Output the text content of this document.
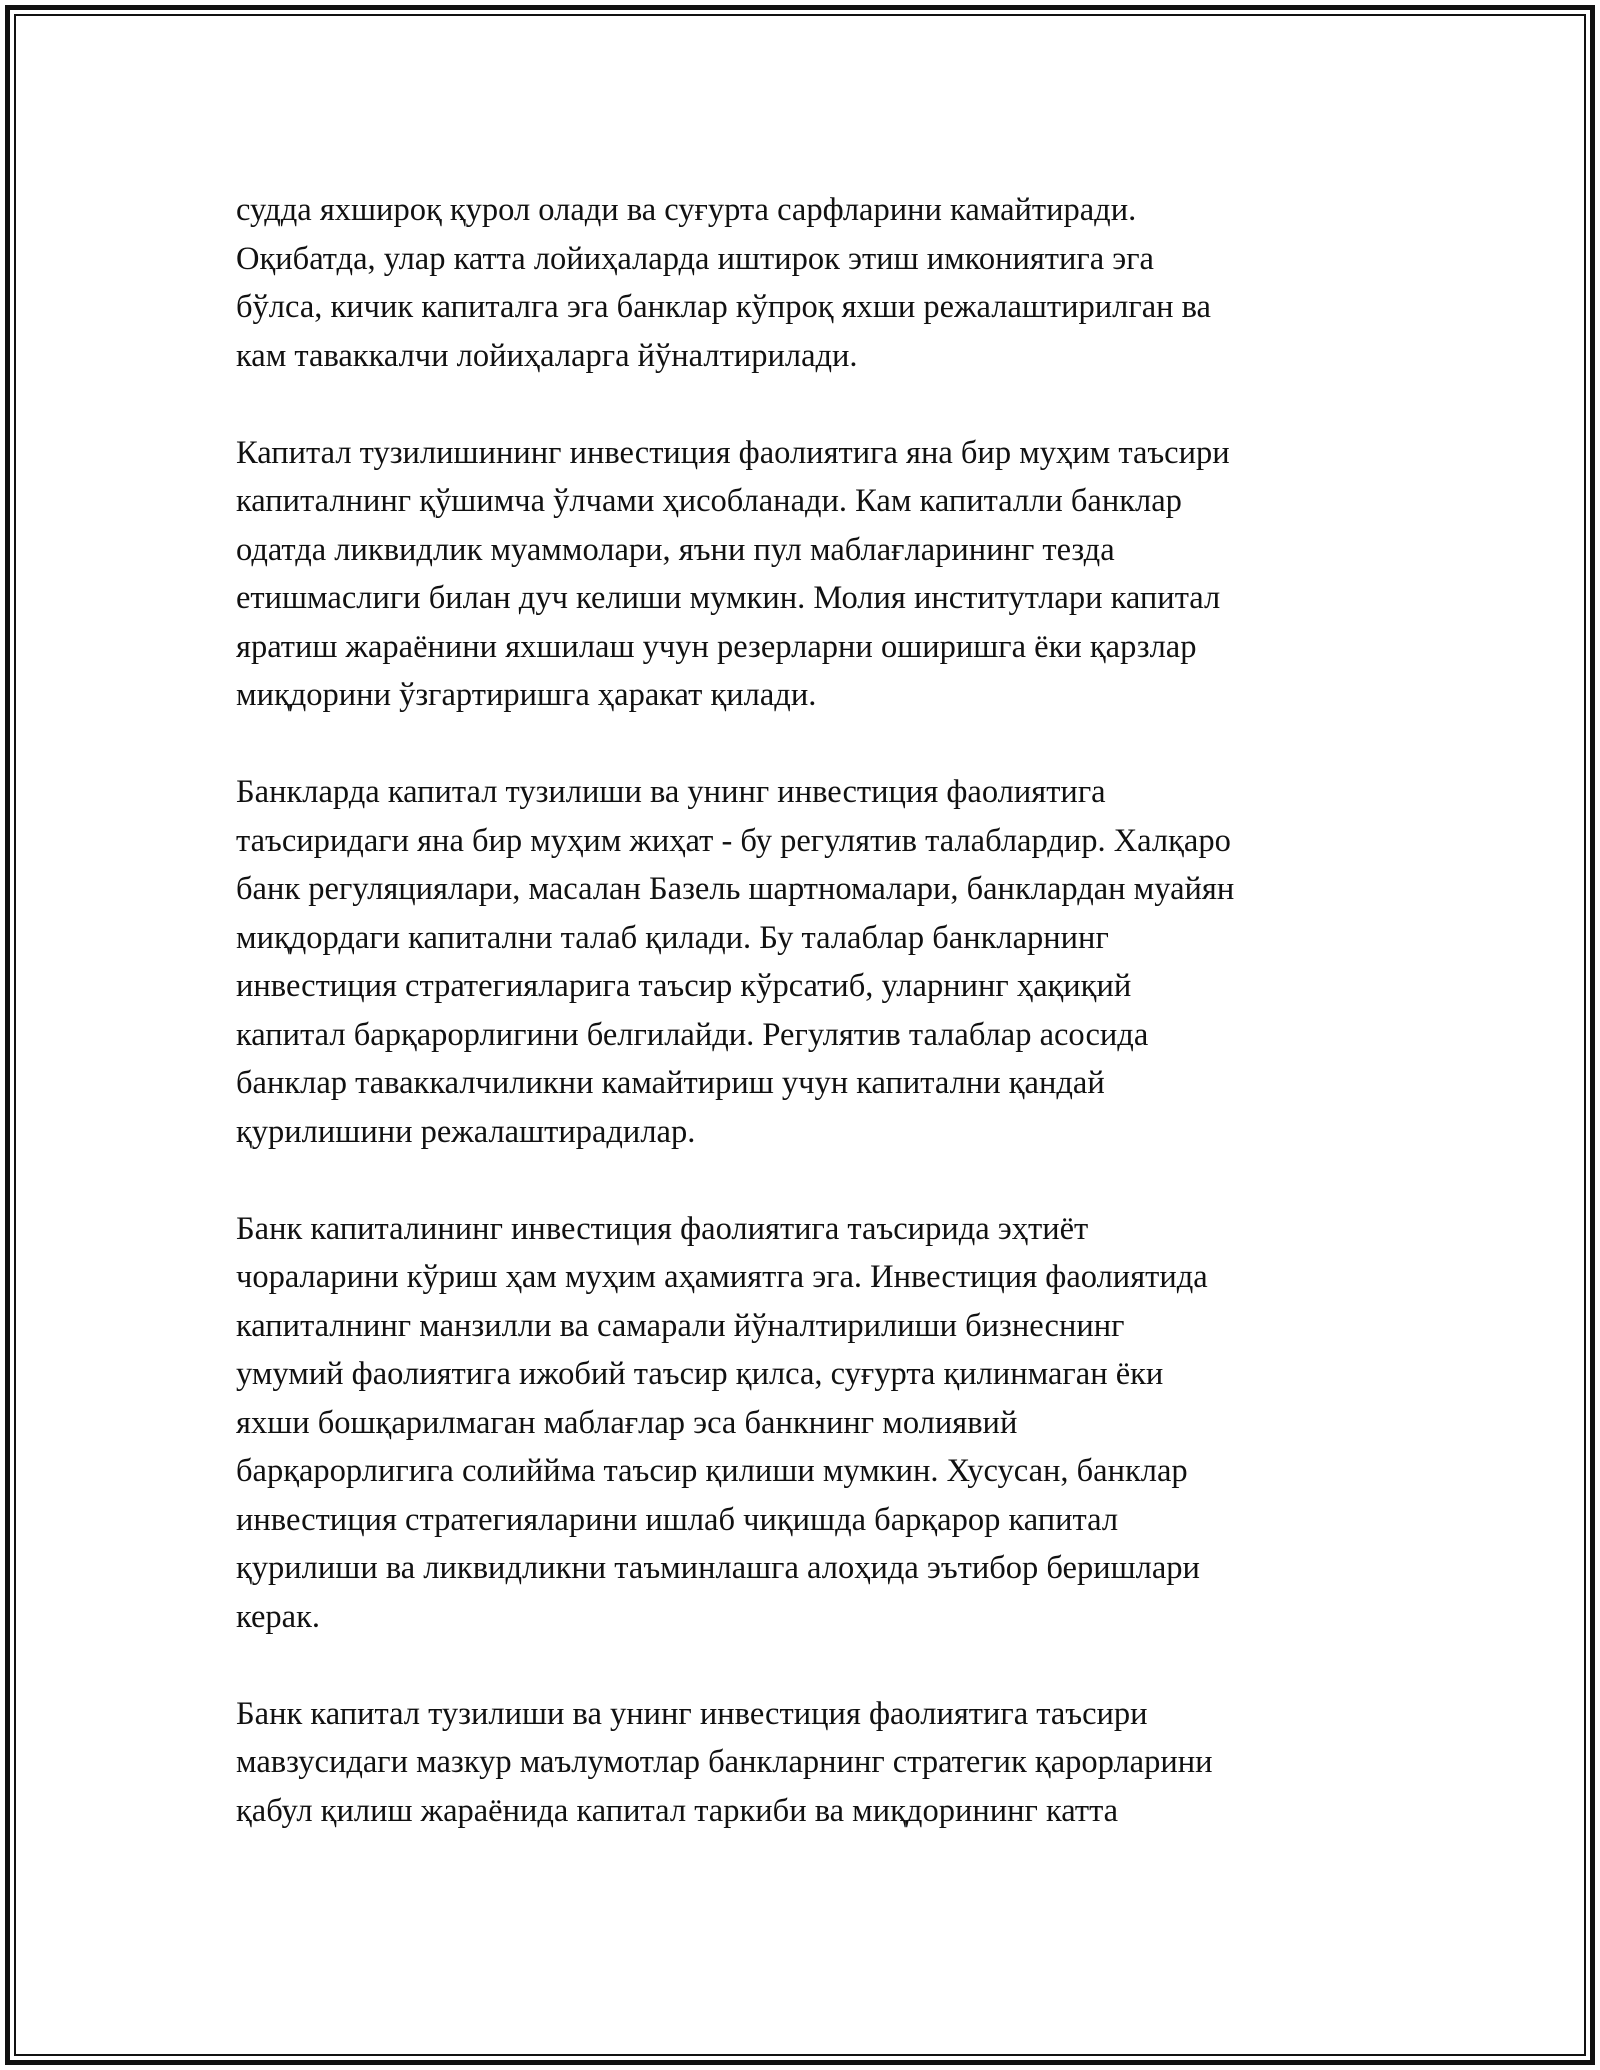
судда яхшироқ қурол олади ва суғурта сарфларини камайтиради.
Оқибатда, улар катта лойиҳаларда иштирок этиш имкониятига эга
бўлса, кичик капиталга эга банклар кўпроқ яхши режалаштирилган ва
кам таваккалчи лойиҳаларга йўналтирилади.

Капитал тузилишининг инвестиция фаолиятига яна бир муҳим таъсири
капиталнинг қўшимча ўлчами ҳисобланади. Кам капиталли банклар
одатда ликвидлик муаммолари, яъни пул маблағларининг тезда
етишмаслиги билан дуч келиши мумкин. Молия институтлари капитал
яратиш жараёнини яхшилаш учун резерларни оширишга ёки қарзлар
миқдорини ўзгартиришга ҳаракат қилади.

Банкларда капитал тузилиши ва унинг инвестиция фаолиятига
таъсиридаги яна бир муҳим жиҳат - бу регулятив талаблардир. Халқаро
банк регуляциялари, масалан Базель шартномалари, банклардан муайян
миқдордаги капитални талаб қилади. Бу талаблар банкларнинг
инвестиция стратегияларига таъсир кўрсатиб, уларнинг ҳақиқий
капитал барқарорлигини белгилайди. Регулятив талаблар асосида
банклар таваккалчиликни камайтириш учун капитални қандай
қурилишини режалаштирадилар.

Банк капиталининг инвестиция фаолиятига таъсирида эҳтиёт
чораларини кўриш ҳам муҳим аҳамиятга эга. Инвестиция фаолиятида
капиталнинг манзилли ва самарали йўналтирилиши бизнеснинг
умумий фаолиятига ижобий таъсир қилса, суғурта қилинмаган ёки
яхши бошқарилмаган маблағлар эса банкнинг молиявий
барқарорлигига солиййма таъсир қилиши мумкин. Хусусан, банклар
инвестиция стратегияларини ишлаб чиқишда барқарор капитал
қурилиши ва ликвидликни таъминлашга алоҳида эътибор беришлари
керак.

Банк капитал тузилиши ва унинг инвестиция фаолиятига таъсири
мавзусидаги мазкур маълумотлар банкларнинг стратегик қарорларини
қабул қилиш жараёнида капитал таркиби ва миқдорининг катта
